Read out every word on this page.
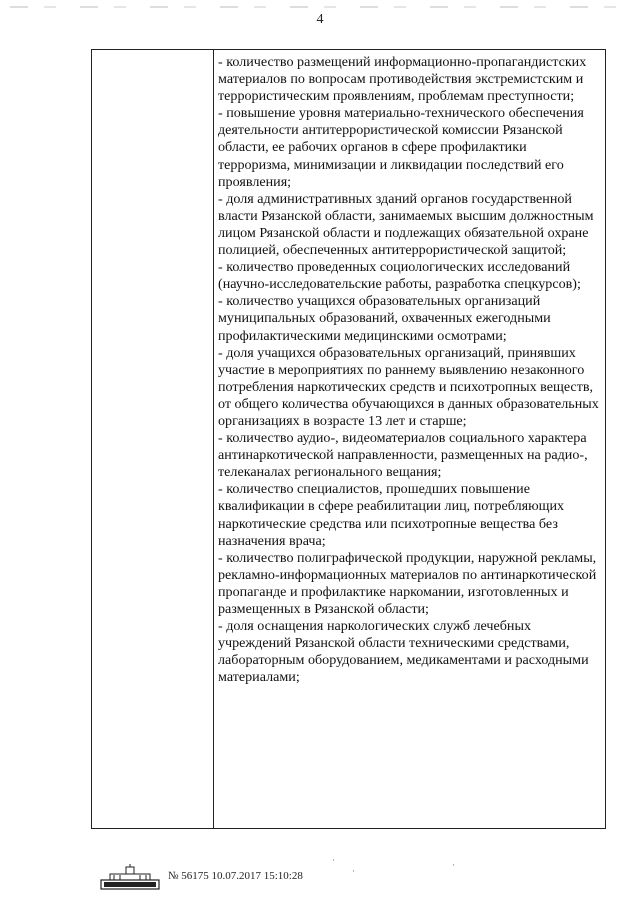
4

- количество размещений информационно-пропагандистских материалов по вопросам противодействия экстремистским и террористическим проявлениям, проблемам преступности;

- повышение уровня материально-технического обеспечения деятельности антитеррористической комиссии Рязанской области, ее рабочих органов в сфере профилактики терроризма, минимизации и ликвидации последствий его проявления;

- доля административных зданий органов государственной власти Рязанской области, занимаемых высшим должностным лицом Рязанской области и подлежащих обязательной охране полицией, обеспеченных антитеррористической защитой;

- количество проведенных социологических исследований (научно-исследовательские работы, разработка спецкурсов);

- количество учащихся образовательных организаций муниципальных образований, охваченных ежегодными профилактическими медицинскими осмотрами;

- доля учащихся образовательных организаций, принявших участие в мероприятиях по раннему выявлению незаконного потребления наркотических средств и психотропных веществ, от общего количества обучающихся в данных образовательных организациях в возрасте 13 лет и старше;

- количество аудио-, видеоматериалов социального характера антинаркотической направленности, размещенных на радио-, телеканалах регионального вещания;

- количество специалистов, прошедших повышение квалификации в сфере реабилитации лиц, потребляющих наркотические средства или психотропные вещества без назначения врача;

- количество полиграфической продукции, наружной рекламы, рекламно-информационных материалов по антинаркотической пропаганде и профилактике наркомании, изготовленных и размещенных в Рязанской области;

- доля оснащения наркологических служб лечебных учреждений Рязанской области техническими средствами, лабораторным оборудованием, медикаментами и расходными материалами;

№ 56175 10.07.2017 15:10:28
·
·
·
